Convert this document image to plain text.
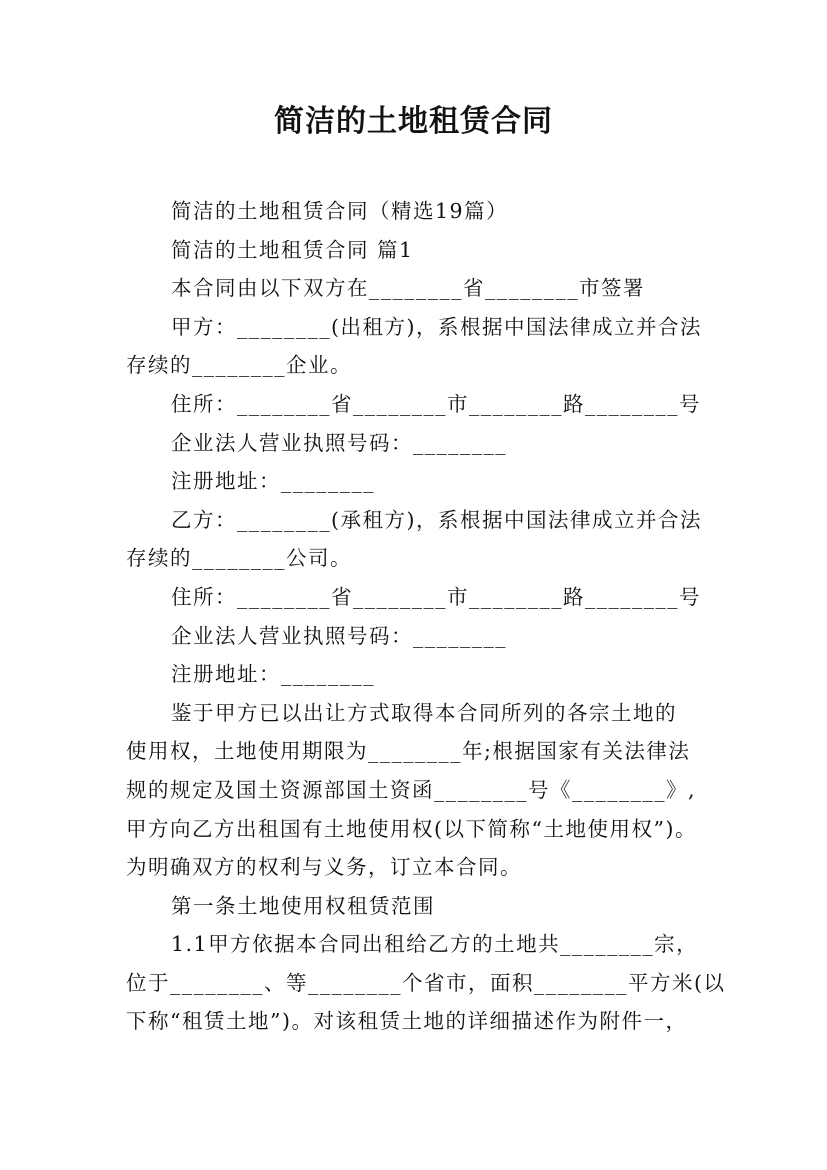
简洁的土地租赁合同
简洁的土地租赁合同（精选19篇）
简洁的土地租赁合同 篇1
本合同由以下双方在________省________市签署
甲方：________(出租方)，系根据中国法律成立并合法
存续的________企业。
住所：________省________市________路________号
企业法人营业执照号码：________
注册地址：________
乙方：________(承租方)，系根据中国法律成立并合法
存续的________公司。
住所：________省________市________路________号
企业法人营业执照号码：________
注册地址：________
鉴于甲方已以出让方式取得本合同所列的各宗土地的
使用权，土地使用期限为________年;根据国家有关法律法
规的规定及国土资源部国土资函________号《________》,
甲方向乙方出租国有土地使用权(以下简称“土地使用权”)。
为明确双方的权利与义务，订立本合同。
第一条土地使用权租赁范围
1.1甲方依据本合同出租给乙方的土地共________宗，
位于________、等________个省市，面积________平方米(以
下称“租赁土地”)。对该租赁土地的详细描述作为附件一，
